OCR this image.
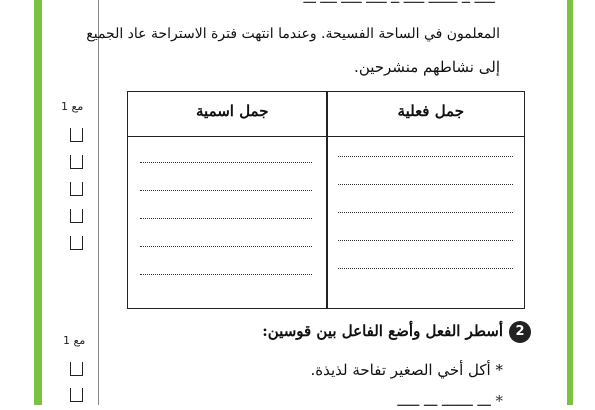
المعلمون في الساحة الفسيحة. وعندما انتهت فترة الاستراحة عاد الجميع
إلى نشاطهم منشرحين.
مع 1	جمل فعلية
جمل اسمية
2
أسطر الفعل وأضع الفاعل بين قوسين:
* أكل أخي الصغير تفاحة لذيذة.
* ـــ ـــــــ ـــ ـــــ
مع 1
